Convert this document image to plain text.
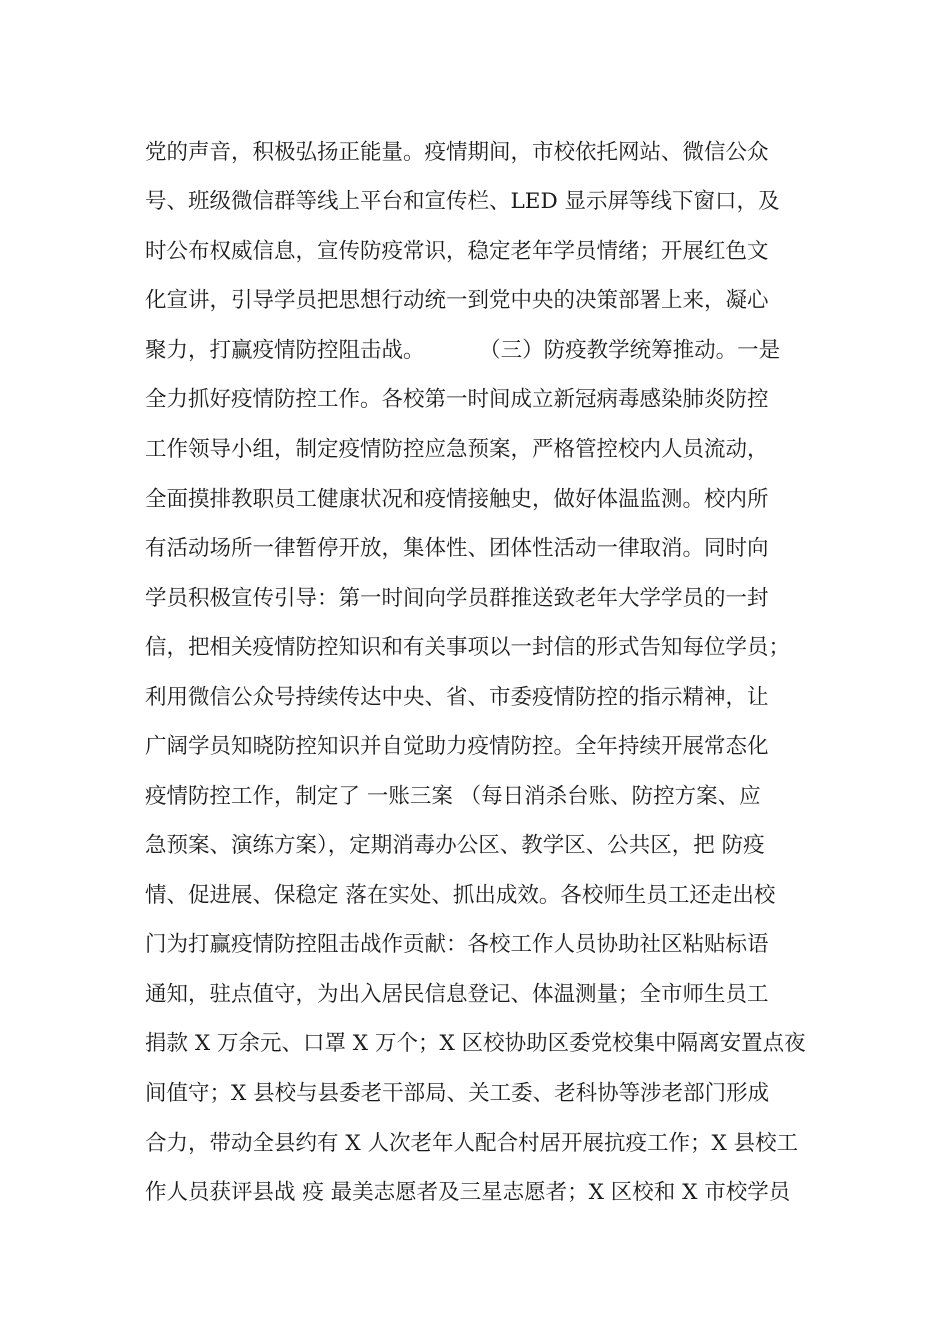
党的声音，积极弘扬正能量。疫情期间，市校依托网站、微信公众
号、班级微信群等线上平台和宣传栏、LED 显示屏等线下窗口，及
时公布权威信息，宣传防疫常识，稳定老年学员情绪；开展红色文
化宣讲，引导学员把思想行动统一到党中央的决策部署上来，凝心
聚力，打赢疫情防控阻击战。        （三）防疫教学统筹推动。一是
全力抓好疫情防控工作。各校第一时间成立新冠病毒感染肺炎防控
工作领导小组，制定疫情防控应急预案，严格管控校内人员流动，
全面摸排教职员工健康状况和疫情接触史，做好体温监测。校内所
有活动场所一律暂停开放，集体性、团体性活动一律取消。同时向
学员积极宣传引导：第一时间向学员群推送致老年大学学员的一封
信，把相关疫情防控知识和有关事项以一封信的形式告知每位学员；
利用微信公众号持续传达中央、省、市委疫情防控的指示精神，让
广阔学员知晓防控知识并自觉助力疫情防控。全年持续开展常态化
疫情防控工作，制定了 一账三案 （每日消杀台账、防控方案、应
急预案、演练方案），定期消毒办公区、教学区、公共区，把 防疫
情、促进展、保稳定 落在实处、抓出成效。各校师生员工还走出校
门为打赢疫情防控阻击战作贡献：各校工作人员协助社区粘贴标语
通知，驻点值守，为出入居民信息登记、体温测量；全市师生员工
捐款 X 万余元、口罩 X 万个；X 区校协助区委党校集中隔离安置点夜
间值守；X 县校与县委老干部局、关工委、老科协等涉老部门形成
合力，带动全县约有 X 人次老年人配合村居开展抗疫工作；X 县校工
作人员获评县战 疫 最美志愿者及三星志愿者；X 区校和 X 市校学员
